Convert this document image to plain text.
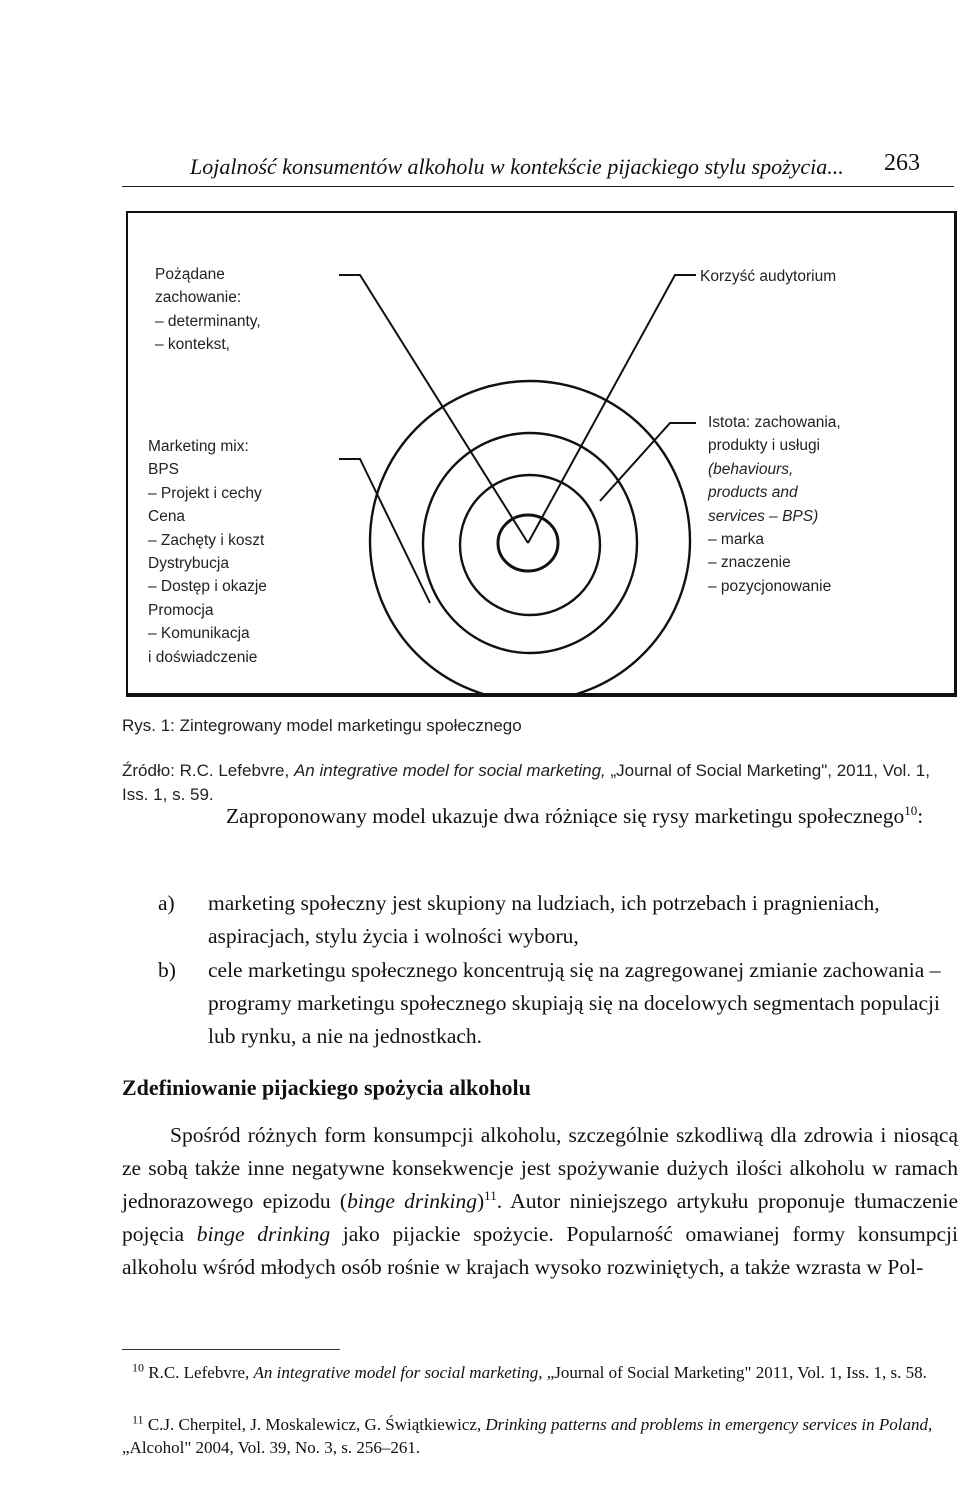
Lojalność konsumentów alkoholu w kontekście pijackiego stylu spożycia... 263
Pożądane
zachowanie:
– determinanty,
– kontekst,
Marketing mix:
BPS
– Projekt i cechy
Cena
– Zachęty i koszt
Dystrybucja
– Dostęp i okazje
Promocja
– Komunikacja
i doświadczenie
Korzyść audytorium
Istota: zachowania,
produkty i usługi
(behaviours,
products and
services – BPS)
– marka
– znaczenie
– pozycjonowanie
Rys. 1: Zintegrowany model marketingu społecznego
Źródło: R.C. Lefebvre, An integrative model for social marketing, „Journal of Social Marketing", 2011, Vol. 1, Iss. 1, s. 59.
Zaproponowany model ukazuje dwa różniące się rysy marketingu społecznego$^{10}$:
a) marketing społeczny jest skupiony na ludziach, ich potrzebach i pragnieniach, aspiracjach, stylu życia i wolności wyboru,
b) cele marketingu społecznego koncentrują się na zagregowanej zmianie zachowania – programy marketingu społecznego skupiają się na docelowych segmentach populacji lub rynku, a nie na jednostkach.
Zdefiniowanie pijackiego spożycia alkoholu
Spośród różnych form konsumpcji alkoholu, szczególnie szkodliwą dla zdrowia i niosącą ze sobą także inne negatywne konsekwencje jest spożywanie dużych ilości alkoholu w ramach jednorazowego epizodu (binge drinking)$^{11}$. Autor niniejszego artykułu proponuje tłumaczenie pojęcia binge drinking jako pijackie spożycie. Popularność omawianej formy konsumpcji alkoholu wśród młodych osób rośnie w krajach wysoko rozwiniętych, a także wzrasta w Pol-
$^{10}$ R.C. Lefebvre, An integrative model for social marketing, „Journal of Social Marketing" 2011, Vol. 1, Iss. 1, s. 58.
$^{11}$ C.J. Cherpitel, J. Moskalewicz, G. Świątkiewicz, Drinking patterns and problems in emergency services in Poland, „Alcohol" 2004, Vol. 39, No. 3, s. 256–261.
